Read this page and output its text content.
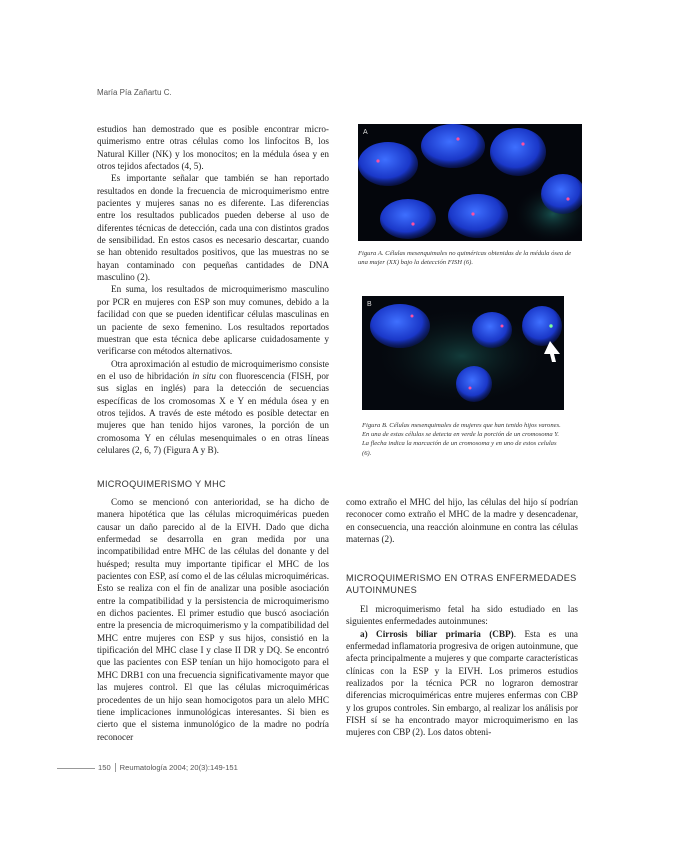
María Pía Zañartu C.

estudios han demostrado que es posible encontrar micro-quimerismo entre otras células como los linfocitos B, los Natural Killer (NK) y los monocitos; en la médula ósea y en otros tejidos afectados (4, 5).

Es importante señalar que también se han reportado resultados en donde la frecuencia de microquimerismo entre pacientes y mujeres sanas no es diferente. Las diferencias entre los resultados publicados pueden deberse al uso de diferentes técnicas de detección, cada una con distintos grados de sensibilidad. En estos casos es necesario descartar, cuando se han obtenido resultados positivos, que las muestras no se hayan contaminado con pequeñas cantidades de DNA masculino (2).

En suma, los resultados de microquimerismo masculino por PCR en mujeres con ESP son muy comunes, debido a la facilidad con que se pueden identificar células masculinas en un paciente de sexo femenino. Los resultados reportados muestran que esta técnica debe aplicarse cuidadosamente y verificarse con métodos alternativos.

Otra aproximación al estudio de microquimerismo consiste en el uso de hibridación in situ con fluorescencia (FISH, por sus siglas en inglés) para la detección de secuencias específicas de los cromosomas X e Y en médula ósea y en otros tejidos. A través de este método es posible detectar en mujeres que han tenido hijos varones, la porción de un cromosoma Y en células mesenquimales o en otras líneas celulares (2, 6, 7) (Figura A y B).

A
Figura A. Células mesenquimales no quiméricas obtenidas de la médula ósea de una mujer (XX) bajo la detección FISH (6).
B
Figura B. Células mesenquimales de mujeres que han tenido hijos varones. En una de estas células se detecta en verde la porción de un cromosoma Y. La flecha indica la marcación de un cromosoma y en uno de estos celulas (6).
MICROQUIMERISMO Y MHC

Como se mencionó con anterioridad, se ha dicho de manera hipotética que las células microquiméricas pueden causar un daño parecido al de la EIVH. Dado que dicha enfermedad se desarrolla en gran medida por una incompatibilidad entre MHC de las células del donante y del huésped; resulta muy importante tipificar el MHC de los pacientes con ESP, así como el de las células microquiméricas. Esto se realiza con el fin de analizar una posible asociación entre la compatibilidad y la persistencia de microquimerismo en dichos pacientes. El primer estudio que buscó asociación entre la presencia de microquimerismo y la compatibilidad del MHC entre mujeres con ESP y sus hijos, consistió en la tipificación del MHC clase I y clase II DR y DQ. Se encontró que las pacientes con ESP tenían un hijo homocigoto para el MHC DRB1 con una frecuencia significativamente mayor que las mujeres control. El que las células microquiméricas procedentes de un hijo sean homocigotos para un alelo MHC tiene implicaciones inmunológicas interesantes. Si bien es cierto que el sistema inmunológico de la madre no podría reconocer

como extraño el MHC del hijo, las células del hijo sí podrían reconocer como extraño el MHC de la madre y desencadenar, en consecuencia, una reacción aloinmune en contra las células maternas (2).

MICROQUIMERISMO EN OTRAS ENFERMEDADES AUTOINMUNES

El microquimerismo fetal ha sido estudiado en las siguientes enfermedades autoinmunes:

a) Cirrosis biliar primaria (CBP). Esta es una enfermedad inflamatoria progresiva de origen autoinmune, que afecta principalmente a mujeres y que comparte características clínicas con la ESP y la EIVH. Los primeros estudios realizados por la técnica PCR no lograron demostrar diferencias microquiméricas entre mujeres enfermas con CBP y los grupos controles. Sin embargo, al realizar los análisis por FISH sí se ha encontrado mayor microquimerismo en las mujeres con CBP (2). Los datos obteni-

150 Reumatología 2004; 20(3):149-151
